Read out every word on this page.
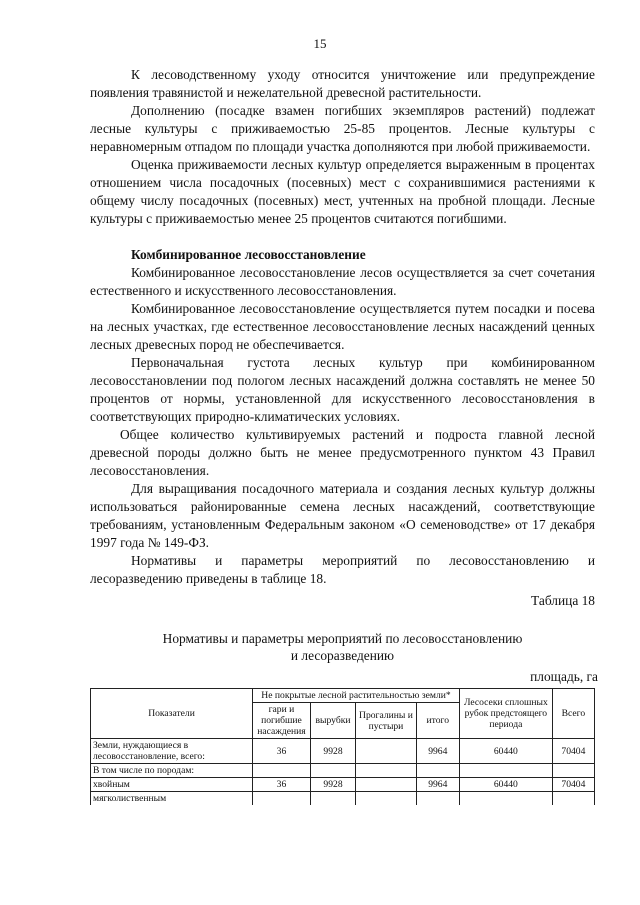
15

К лесоводственному уходу относится уничтожение или предупреждение появления травянистой и нежелательной древесной растительности.

Дополнению (посадке взамен погибших экземпляров растений) подлежат лесные культуры с приживаемостью 25-85 процентов. Лесные культуры с неравномерным отпадом по площади участка дополняются при любой приживаемости.

Оценка приживаемости лесных культур определяется выраженным в процентах отношением числа посадочных (посевных) мест с сохранившимися растениями к общему числу посадочных (посевных) мест, учтенных на пробной площади. Лесные культуры с приживаемостью менее 25 процентов считаются погибшими.

Комбинированное лесовосстановление

Комбинированное лесовосстановление лесов осуществляется за счет сочетания естественного и искусственного лесовосстановления.

Комбинированное лесовосстановление осуществляется путем посадки и посева на лесных участках, где естественное лесовосстановление лесных насаждений ценных лесных древесных пород не обеспечивается.

Первоначальная густота лесных культур при комбинированном лесовосстановлении под пологом лесных насаждений должна составлять не менее 50 процентов от нормы, установленной для искусственного лесовосстановления в соответствующих природно-климатических условиях.

Общее количество культивируемых растений и подроста главной лесной древесной породы должно быть не менее предусмотренного пунктом 43 Правил лесовосстановления.

Для выращивания посадочного материала и создания лесных культур должны использоваться районированные семена лесных насаждений, соответствующие требованиям, установленным Федеральным законом «О семеноводстве» от 17 декабря 1997 года № 149-ФЗ.

Нормативы и параметры мероприятий по лесовосстановлению и лесоразведению приведены в таблице 18.

Таблица 18

Нормативы и параметры мероприятий по лесовосстановлению
и лесоразведению
площадь, га
Показатели	Не покрытые лесной растительностью земли*				Лесосеки сплошных рубок предстоящего периода	Всего
	гари и погибшие насаждения	вырубки	Прогалины и пустыри	итого		
Земли, нуждающиеся в лесовосстановление, всего:	36	9928		9964	60440	70404
В том числе по породам:						
хвойным	36	9928		9964	60440	70404
мягколиственным						
